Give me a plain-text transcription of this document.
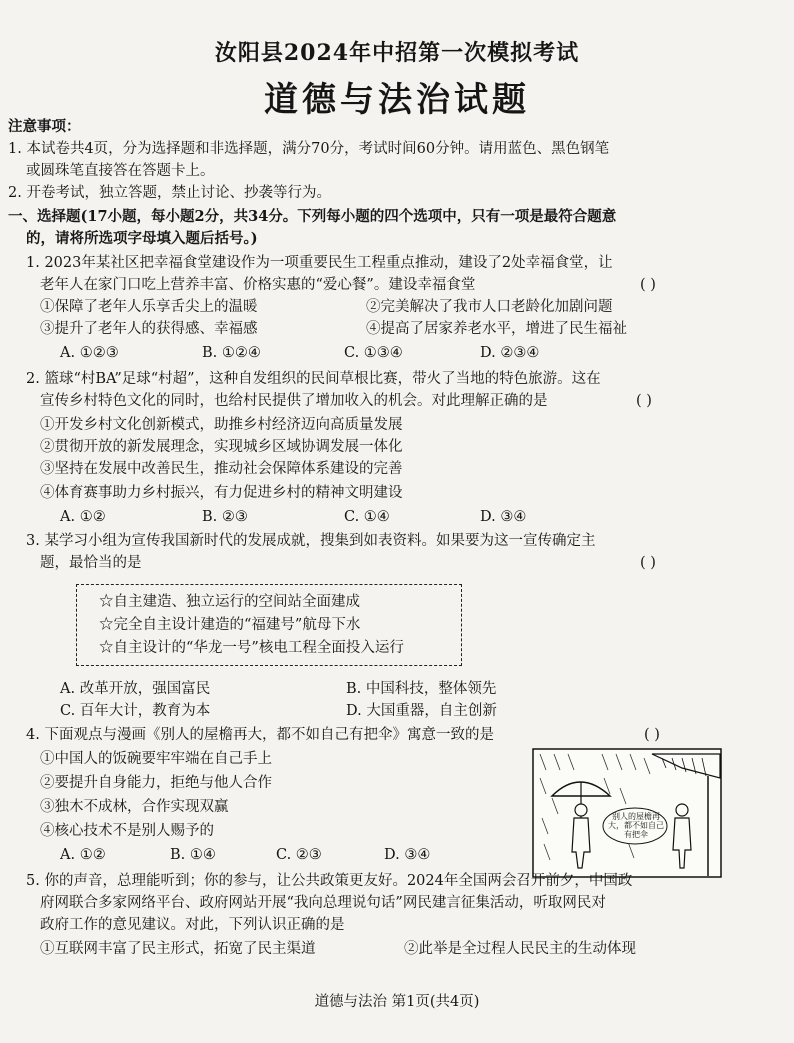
汝阳县2024年中招第一次模拟考试
道德与法治试题
注意事项：
1. 本试卷共4页，分为选择题和非选择题，满分70分，考试时间60分钟。请用蓝色、黑色钢笔
或圆珠笔直接答在答题卡上。
2. 开卷考试，独立答题，禁止讨论、抄袭等行为。
一、选择题(17小题，每小题2分，共34分。下列每小题的四个选项中，只有一项是最符合题意
的，请将所选项字母填入题后括号。)
1. 2023年某社区把幸福食堂建设作为一项重要民生工程重点推动，建设了2处幸福食堂，让
老年人在家门口吃上营养丰富、价格实惠的“爱心餐”。建设幸福食堂	( )
①保障了老年人乐享舌尖上的温暖	②完美解决了我市人口老龄化加剧问题
③提升了老年人的获得感、幸福感	④提高了居家养老水平，增进了民生福祉
A. ①②③	B. ①②④	C. ①③④	D. ②③④
2. 篮球“村BA”足球“村超”，这种自发组织的民间草根比赛，带火了当地的特色旅游。这在
宣传乡村特色文化的同时，也给村民提供了增加收入的机会。对此理解正确的是	( )
①开发乡村文化创新模式，助推乡村经济迈向高质量发展
②贯彻开放的新发展理念，实现城乡区域协调发展一体化
③坚持在发展中改善民生，推动社会保障体系建设的完善
④体育赛事助力乡村振兴，有力促进乡村的精神文明建设
A. ①②	B. ②③	C. ①④	D. ③④
3. 某学习小组为宣传我国新时代的发展成就，搜集到如表资料。如果要为这一宣传确定主
题，最恰当的是	( )
☆自主建造、独立运行的空间站全面建成
☆完全自主设计建造的“福建号”航母下水
☆自主设计的“华龙一号”核电工程全面投入运行
A. 改革开放，强国富民	B. 中国科技，整体领先
C. 百年大计，教育为本	D. 大国重器，自主创新
4. 下面观点与漫画《别人的屋檐再大，都不如自己有把伞》寓意一致的是	( )
①中国人的饭碗要牢牢端在自己手上
②要提升自身能力，拒绝与他人合作
③独木不成林，合作实现双赢
④核心技术不是别人赐予的
A. ①②	B. ①④	C. ②③	D. ③④
别人的屋檐再大，都不如自己有把伞
5. 你的声音，总理能听到；你的参与，让公共政策更友好。2024年全国两会召开前夕，中国政
府网联合多家网络平台、政府网站开展“我向总理说句话”网民建言征集活动，听取网民对
政府工作的意见建议。对此，下列认识正确的是
①互联网丰富了民主形式，拓宽了民主渠道	②此举是全过程人民民主的生动体现
道德与法治 第1页(共4页)
